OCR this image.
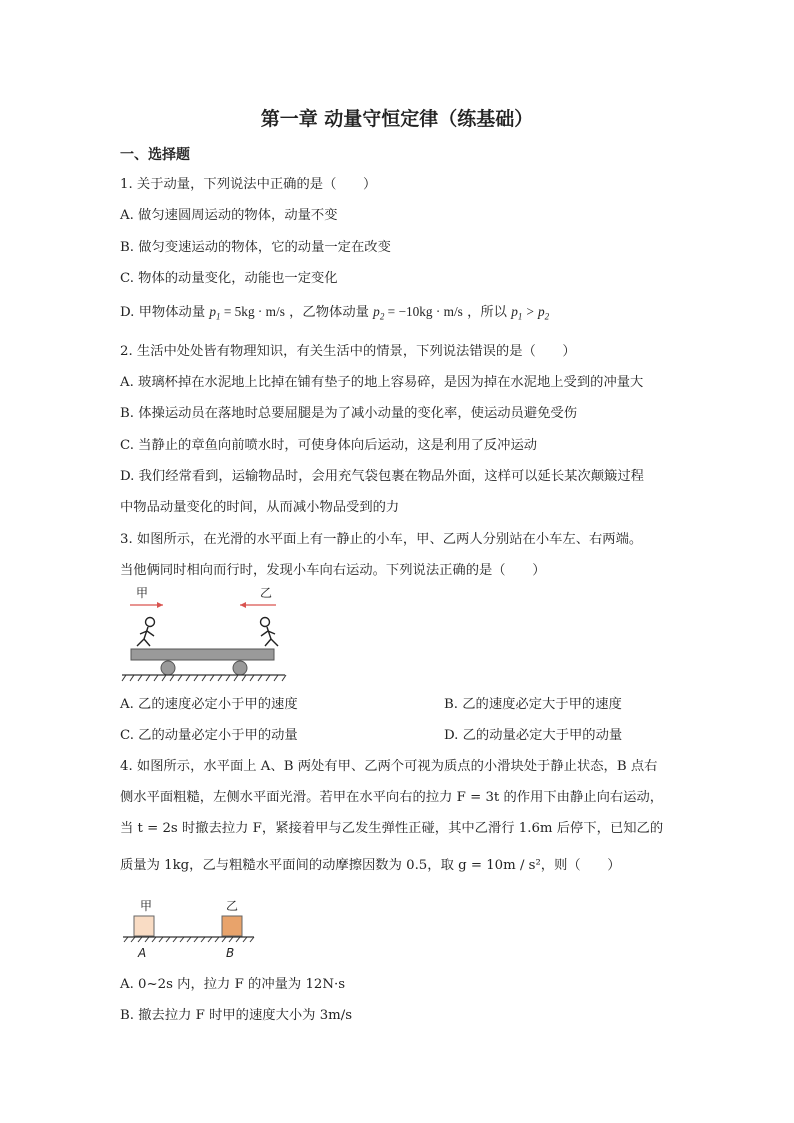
第一章 动量守恒定律（练基础）
一、选择题
1. 关于动量，下列说法中正确的是（　　）
A. 做匀速圆周运动的物体，动量不变
B. 做匀变速运动的物体，它的动量一定在改变
C. 物体的动量变化，动能也一定变化
D. 甲物体动量 $p_1 = 5kg \cdot m/s$ ，乙物体动量 $p_2 = -10kg \cdot m/s$ ，所以 $p_1 > p_2$
2. 生活中处处皆有物理知识，有关生活中的情景，下列说法错误的是（　　）
A. 玻璃杯掉在水泥地上比掉在铺有垫子的地上容易碎，是因为掉在水泥地上受到的冲量大
B. 体操运动员在落地时总要屈腿是为了减小动量的变化率，使运动员避免受伤
C. 当静止的章鱼向前喷水时，可使身体向后运动，这是利用了反冲运动
D. 我们经常看到，运输物品时，会用充气袋包裹在物品外面，这样可以延长某次颠簸过程
中物品动量变化的时间，从而减小物品受到的力
3. 如图所示，在光滑的水平面上有一静止的小车，甲、乙两人分别站在小车左、右两端。
当他俩同时相向而行时，发现小车向右运动。下列说法正确的是（　　）
甲	乙
A. 乙的速度必定小于甲的速度	B. 乙的速度必定大于甲的速度
C. 乙的动量必定小于甲的动量	D. 乙的动量必定大于甲的动量
4. 如图所示，水平面上 A、B 两处有甲、乙两个可视为质点的小滑块处于静止状态，B 点右
侧水平面粗糙，左侧水平面光滑。若甲在水平向右的拉力 F = 3t 的作用下由静止向右运动，
当 t = 2s 时撤去拉力 F，紧接着甲与乙发生弹性正碰，其中乙滑行 1.6m 后停下，已知乙的
质量为 1kg，乙与粗糙水平面间的动摩擦因数为 0.5，取 g = 10m / s²，则（　　）
甲	乙
A	B
A. 0~2s 内，拉力 F 的冲量为 12N·s
B. 撤去拉力 F 时甲的速度大小为 3m/s
